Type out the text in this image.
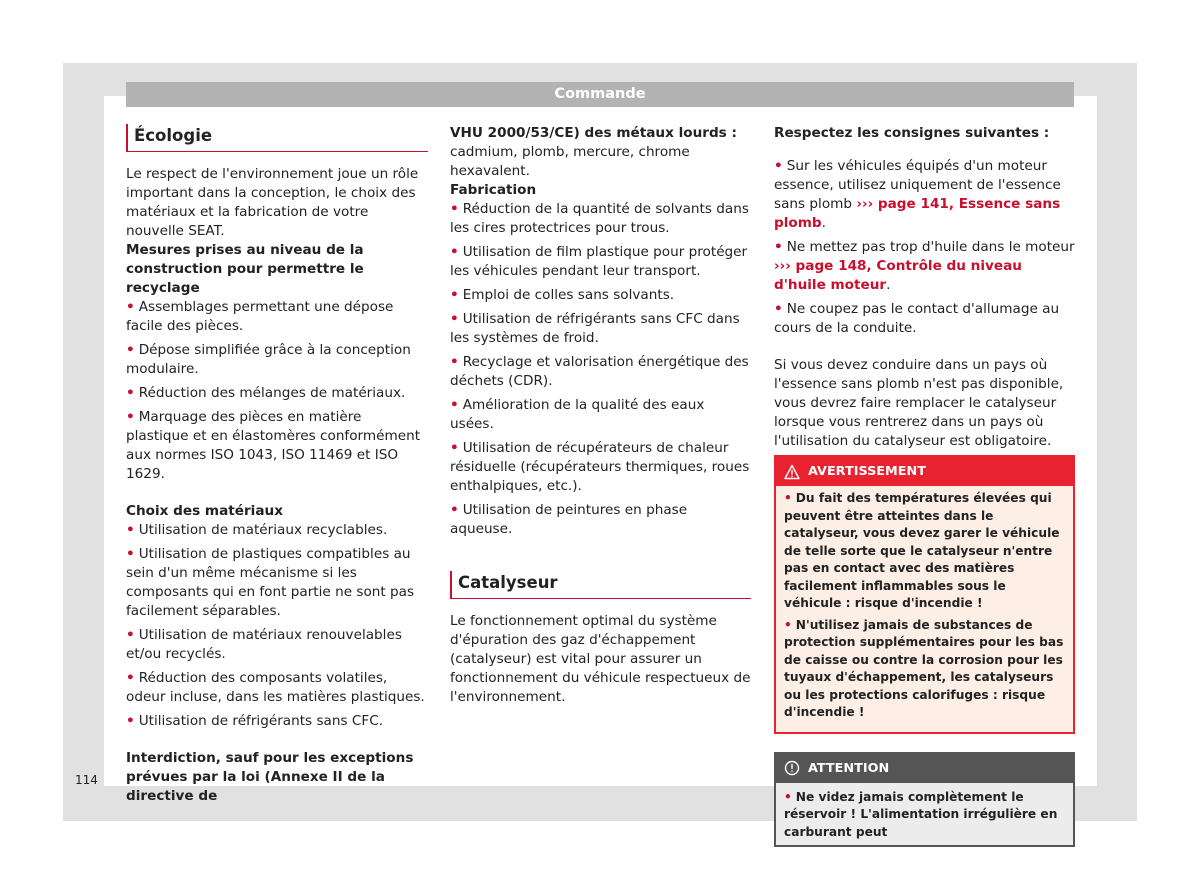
Commande
Écologie

Le respect de l'environnement joue un rôle important dans la conception, le choix des matériaux et la fabrication de votre nouvelle SEAT.

Mesures prises au niveau de la construction pour permettre le recyclage

• Assemblages permettant une dépose facile des pièces.
• Dépose simplifiée grâce à la conception modulaire.
• Réduction des mélanges de matériaux.
• Marquage des pièces en matière plastique et en élastomères conformément aux normes ISO 1043, ISO 11469 et ISO 1629.

Choix des matériaux

• Utilisation de matériaux recyclables.
• Utilisation de plastiques compatibles au sein d'un même mécanisme si les composants qui en font partie ne sont pas facilement séparables.
• Utilisation de matériaux renouvelables et/ou recyclés.
• Réduction des composants volatiles, odeur incluse, dans les matières plastiques.
• Utilisation de réfrigérants sans CFC.

Interdiction, sauf pour les exceptions prévues par la loi (Annexe II de la directive de

VHU 2000/53/CE) des métaux lourds : cadmium, plomb, mercure, chrome hexavalent.

Fabrication

• Réduction de la quantité de solvants dans les cires protectrices pour trous.
• Utilisation de film plastique pour protéger les véhicules pendant leur transport.
• Emploi de colles sans solvants.
• Utilisation de réfrigérants sans CFC dans les systèmes de froid.
• Recyclage et valorisation énergétique des déchets (CDR).
• Amélioration de la qualité des eaux usées.
• Utilisation de récupérateurs de chaleur résiduelle (récupérateurs thermiques, roues enthalpiques, etc.).
• Utilisation de peintures en phase aqueuse.
Catalyseur

Le fonctionnement optimal du système d'épuration des gaz d'échappement (catalyseur) est vital pour assurer un fonctionnement du véhicule respectueux de l'environnement.

Respectez les consignes suivantes :

• Sur les véhicules équipés d'un moteur essence, utilisez uniquement de l'essence sans plomb ››› page 141, Essence sans plomb.
• Ne mettez pas trop d'huile dans le moteur ››› page 148, Contrôle du niveau d'huile moteur.
• Ne coupez pas le contact d'allumage au cours de la conduite.

Si vous devez conduire dans un pays où l'essence sans plomb n'est pas disponible, vous devrez faire remplacer le catalyseur lorsque vous rentrerez dans un pays où l'utilisation du catalyseur est obligatoire.

AVERTISSEMENT

• Du fait des températures élevées qui peuvent être atteintes dans le catalyseur, vous devez garer le véhicule de telle sorte que le catalyseur n'entre pas en contact avec des matières facilement inflammables sous le véhicule : risque d'incendie !

• N'utilisez jamais de substances de protection supplémentaires pour les bas de caisse ou contre la corrosion pour les tuyaux d'échappement, les catalyseurs ou les protections calorifuges : risque d'incendie !

ATTENTION
• Ne videz jamais complètement le réservoir ! L'alimentation irrégulière en carburant peut
114
